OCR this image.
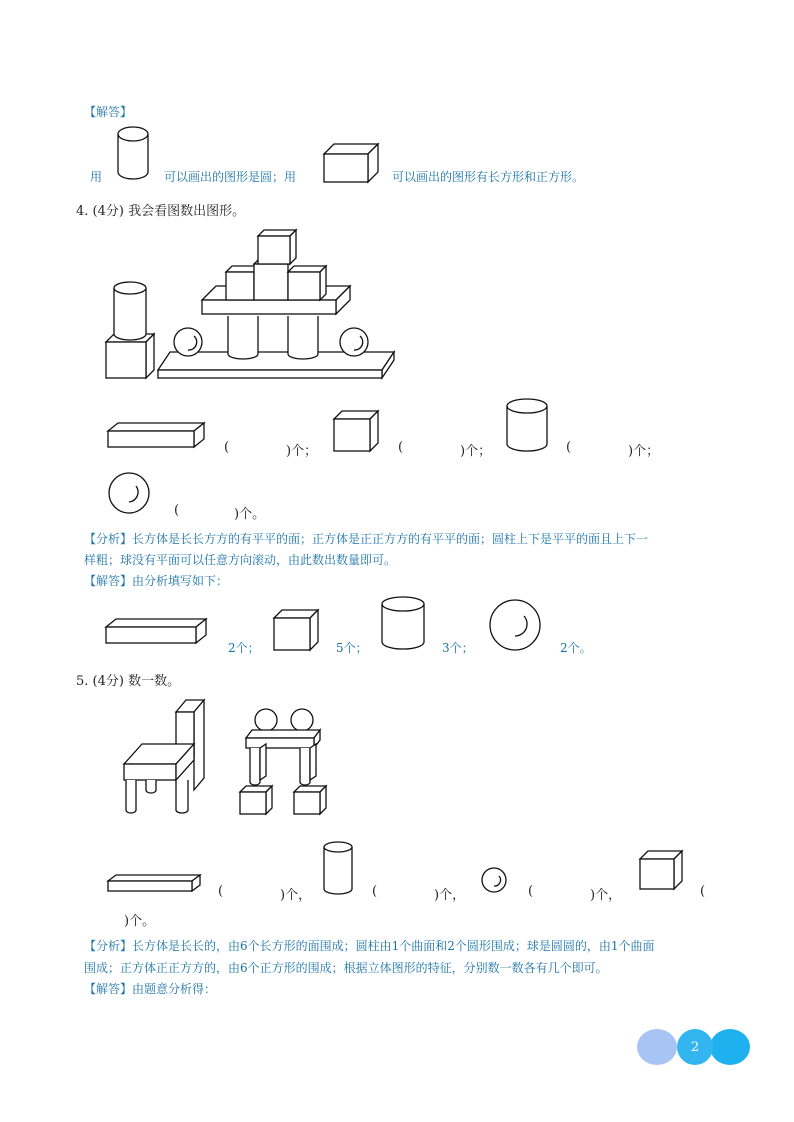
2
【解答】
用	可以画出的图形是圆；用	可以画出的图形有长方形和正方形。
4. (4分) 我会看图数出图形。
(	)个；	(	)个；	(	)个；
(	)个。
【分析】长方体是长长方方的有平平的面；正方体是正正方方的有平平的面；圆柱上下是平平的面且上下一
样粗；球没有平面可以任意方向滚动，由此数出数量即可。
【解答】由分析填写如下：
2个；	5个；	3个；	2个。
5. (4分) 数一数。
(	)个，	(	)个，	(	)个，	(
)个。
【分析】长方体是长长的，由6个长方形的面围成；圆柱由1个曲面和2个圆形围成；球是圆圆的，由1个曲面
围成；正方体正正方方的，由6个正方形的围成；根据立体图形的特征，分别数一数各有几个即可。
【解答】由题意分析得：
